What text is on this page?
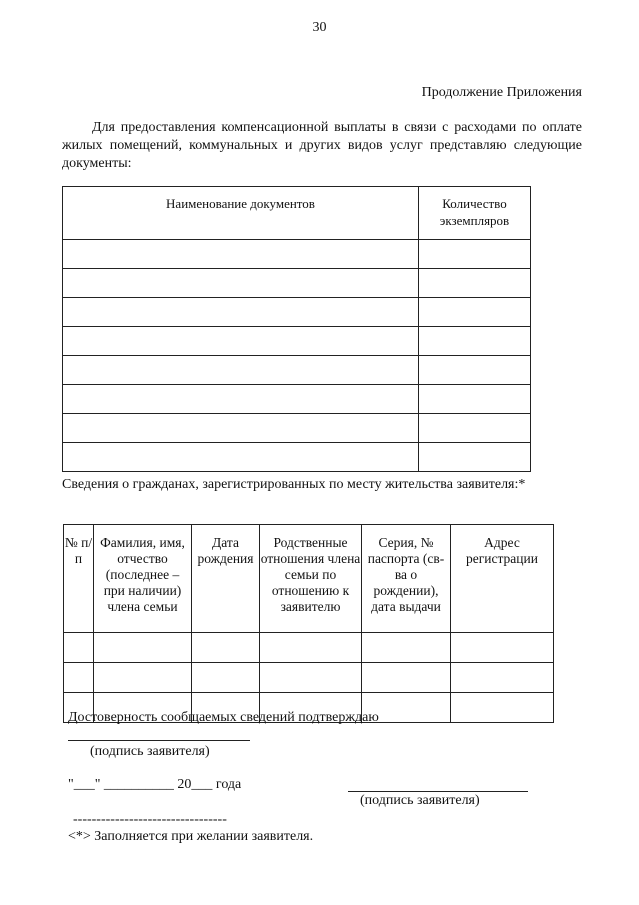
30
Продолжение Приложения

Для предоставления компенсационной выплаты в связи с расходами по оплате жилых помещений, коммунальных и других видов услуг представляю следующие документы:

Наименование документов	Количество экземпляров

Сведения о гражданах, зарегистрированных по месту жительства заявителя:*

№ п/п	Фамилия, имя, отчество (последнее – при наличии) члена семьи	Дата рождения	Родственные отношения члена семьи по отношению к заявителю	Серия, № паспорта (св-ва о рождении), дата выдачи	Адрес регистрации

Достоверность сообщаемых сведений подтверждаю
(подпись заявителя)
"___" __________ 20___ года
(подпись заявителя)
---------------------------------
<*> Заполняется при желании заявителя.
